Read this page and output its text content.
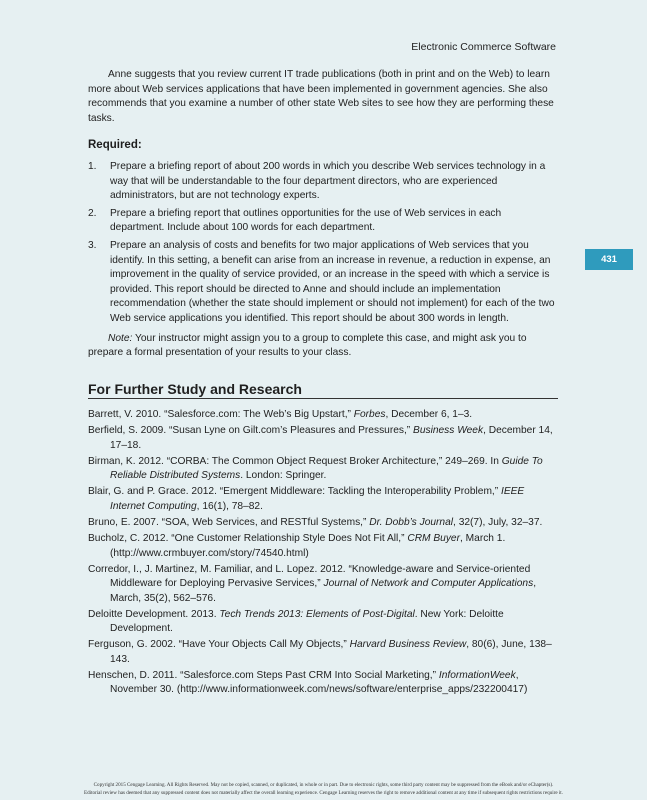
Electronic Commerce Software
431

Anne suggests that you review current IT trade publications (both in print and on the Web) to learn more about Web services applications that have been implemented in government agencies. She also recommends that you examine a number of other state Web sites to see how they are performing these tasks.

Required:
1. Prepare a briefing report of about 200 words in which you describe Web services technology in a way that will be understandable to the four department directors, who are experienced administrators, but are not technology experts.
2. Prepare a briefing report that outlines opportunities for the use of Web services in each department. Include about 100 words for each department.
3. Prepare an analysis of costs and benefits for two major applications of Web services that you identify. In this setting, a benefit can arise from an increase in revenue, a reduction in expense, an improvement in the quality of service provided, or an increase in the speed with which a service is provided. This report should be directed to Anne and should include an implementation recommendation (whether the state should implement or should not implement) for each of the two Web service applications you identified. This report should be about 300 words in length.

Note: Your instructor might assign you to a group to complete this case, and might ask you to prepare a formal presentation of your results to your class.

For Further Study and Research

Barrett, V. 2010. “Salesforce.com: The Web’s Big Upstart,” Forbes, December 6, 1–3.

Berfield, S. 2009. “Susan Lyne on Gilt.com’s Pleasures and Pressures,” Business Week, December 14, 17–18.

Birman, K. 2012. “CORBA: The Common Object Request Broker Architecture,” 249–269. In Guide To Reliable Distributed Systems. London: Springer.

Blair, G. and P. Grace. 2012. “Emergent Middleware: Tackling the Interoperability Problem,” IEEE Internet Computing, 16(1), 78–82.

Bruno, E. 2007. “SOA, Web Services, and RESTful Systems,” Dr. Dobb’s Journal, 32(7), July, 32–37.

Bucholz, C. 2012. “One Customer Relationship Style Does Not Fit All,” CRM Buyer, March 1. (http://www.crmbuyer.com/story/74540.html)

Corredor, I., J. Martinez, M. Familiar, and L. Lopez. 2012. “Knowledge-aware and Service-oriented Middleware for Deploying Pervasive Services,” Journal of Network and Computer Applications, March, 35(2), 562–576.

Deloitte Development. 2013. Tech Trends 2013: Elements of Post-Digital. New York: Deloitte Development.

Ferguson, G. 2002. “Have Your Objects Call My Objects,” Harvard Business Review, 80(6), June, 138–143.

Henschen, D. 2011. “Salesforce.com Steps Past CRM Into Social Marketing,” InformationWeek, November 30. (http://www.informationweek.com/news/software/enterprise_apps/232200417)

Copyright 2015 Cengage Learning. All Rights Reserved. May not be copied, scanned, or duplicated, in whole or in part. Due to electronic rights, some third party content may be suppressed from the eBook and/or eChapter(s).
Editorial review has deemed that any suppressed content does not materially affect the overall learning experience. Cengage Learning reserves the right to remove additional content at any time if subsequent rights restrictions require it.
